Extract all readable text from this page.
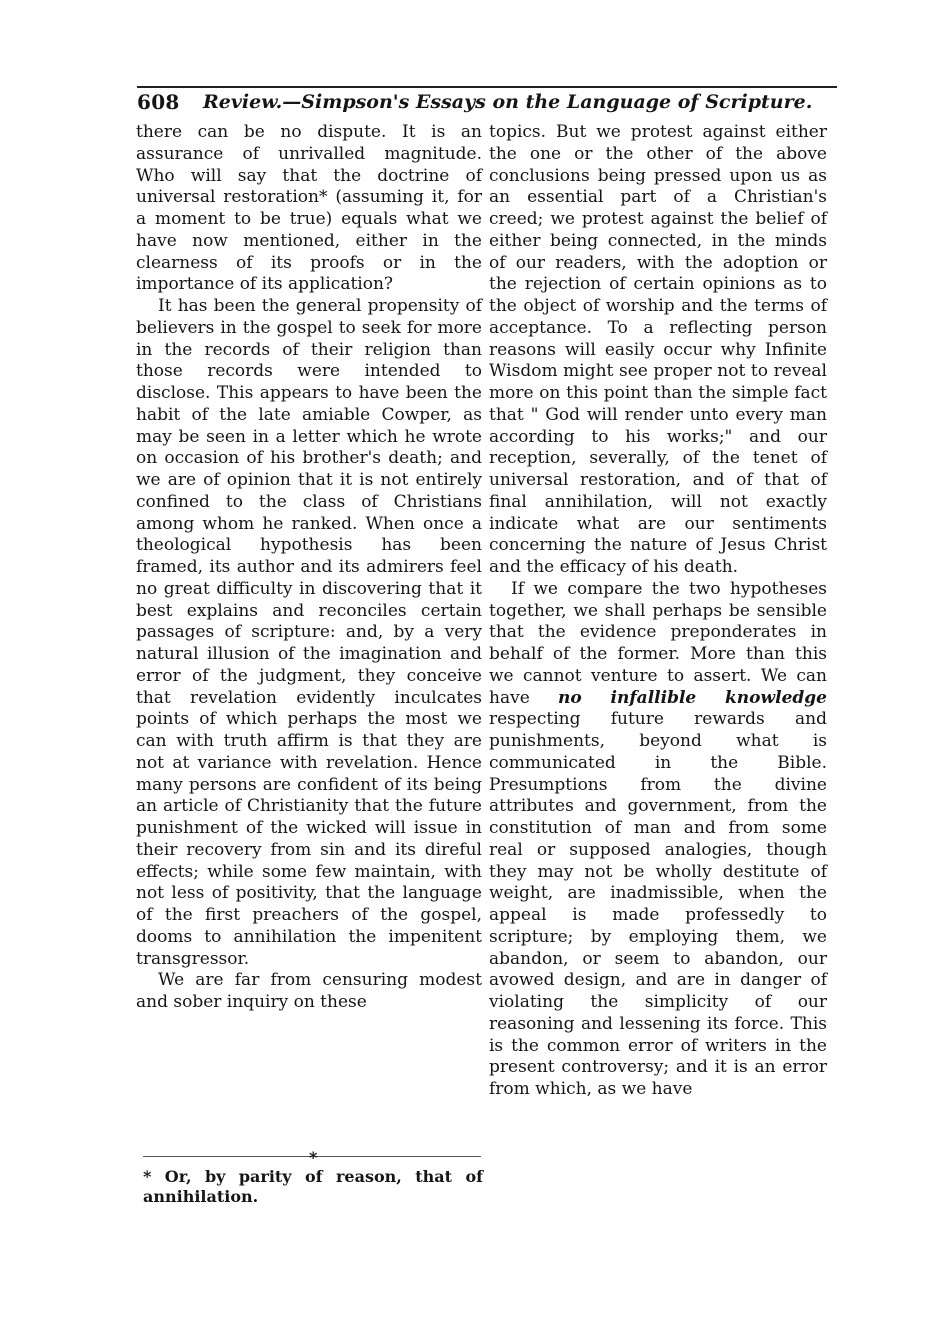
608 Review.—Simpson's Essays on the Language of Scripture.

there can be no dispute. It is an assurance of unrivalled magnitude. Who will say that the doctrine of universal restoration* (assuming it, for a moment to be true) equals what we have now mentioned, either in the clearness of its proofs or in the importance of its application?

It has been the general propensity of believers in the gospel to seek for more in the records of their religion than those records were intended to disclose. This appears to have been the habit of the late amiable Cowper, as may be seen in a letter which he wrote on occasion of his brother's death; and we are of opinion that it is not entirely confined to the class of Christians among whom he ranked. When once a theological hypothesis has been framed, its author and its admirers feel no great difficulty in discovering that it best explains and reconciles certain passages of scripture: and, by a very natural illusion of the imagination and error of the judgment, they conceive that revelation evidently inculcates points of which perhaps the most we can with truth affirm is that they are not at variance with revelation. Hence many persons are confident of its being an article of Christianity that the future punishment of the wicked will issue in their recovery from sin and its direful effects; while some few maintain, with not less of positivity, that the language of the first preachers of the gospel, dooms to annihilation the impenitent transgressor.

We are far from censuring modest and sober inquiry on these

topics. But we protest against either the one or the other of the above conclusions being pressed upon us as an essential part of a Christian's creed; we protest against the belief of either being connected, in the minds of our readers, with the adoption or the rejection of certain opinions as to the object of worship and the terms of acceptance. To a reflecting person reasons will easily occur why Infinite Wisdom might see proper not to reveal more on this point than the simple fact that " God will render unto every man according to his works;" and our reception, severally, of the tenet of universal restoration, and of that of final annihilation, will not exactly indicate what are our sentiments concerning the nature of Jesus Christ and the efficacy of his death.

If we compare the two hypotheses together, we shall perhaps be sensible that the evidence preponderates in behalf of the former. More than this we cannot venture to assert. We can have no infallible knowledge respecting future rewards and punishments, beyond what is communicated in the Bible. Presumptions from the divine attributes and government, from the constitution of man and from some real or supposed analogies, though they may not be wholly destitute of weight, are inadmissible, when the appeal is made professedly to scripture; by employing them, we abandon, or seem to abandon, our avowed design, and are in danger of violating the simplicity of our reasoning and lessening its force. This is the common error of writers in the present controversy; and it is an error from which, as we have

*
* Or, by parity of reason, that of annihilation.
